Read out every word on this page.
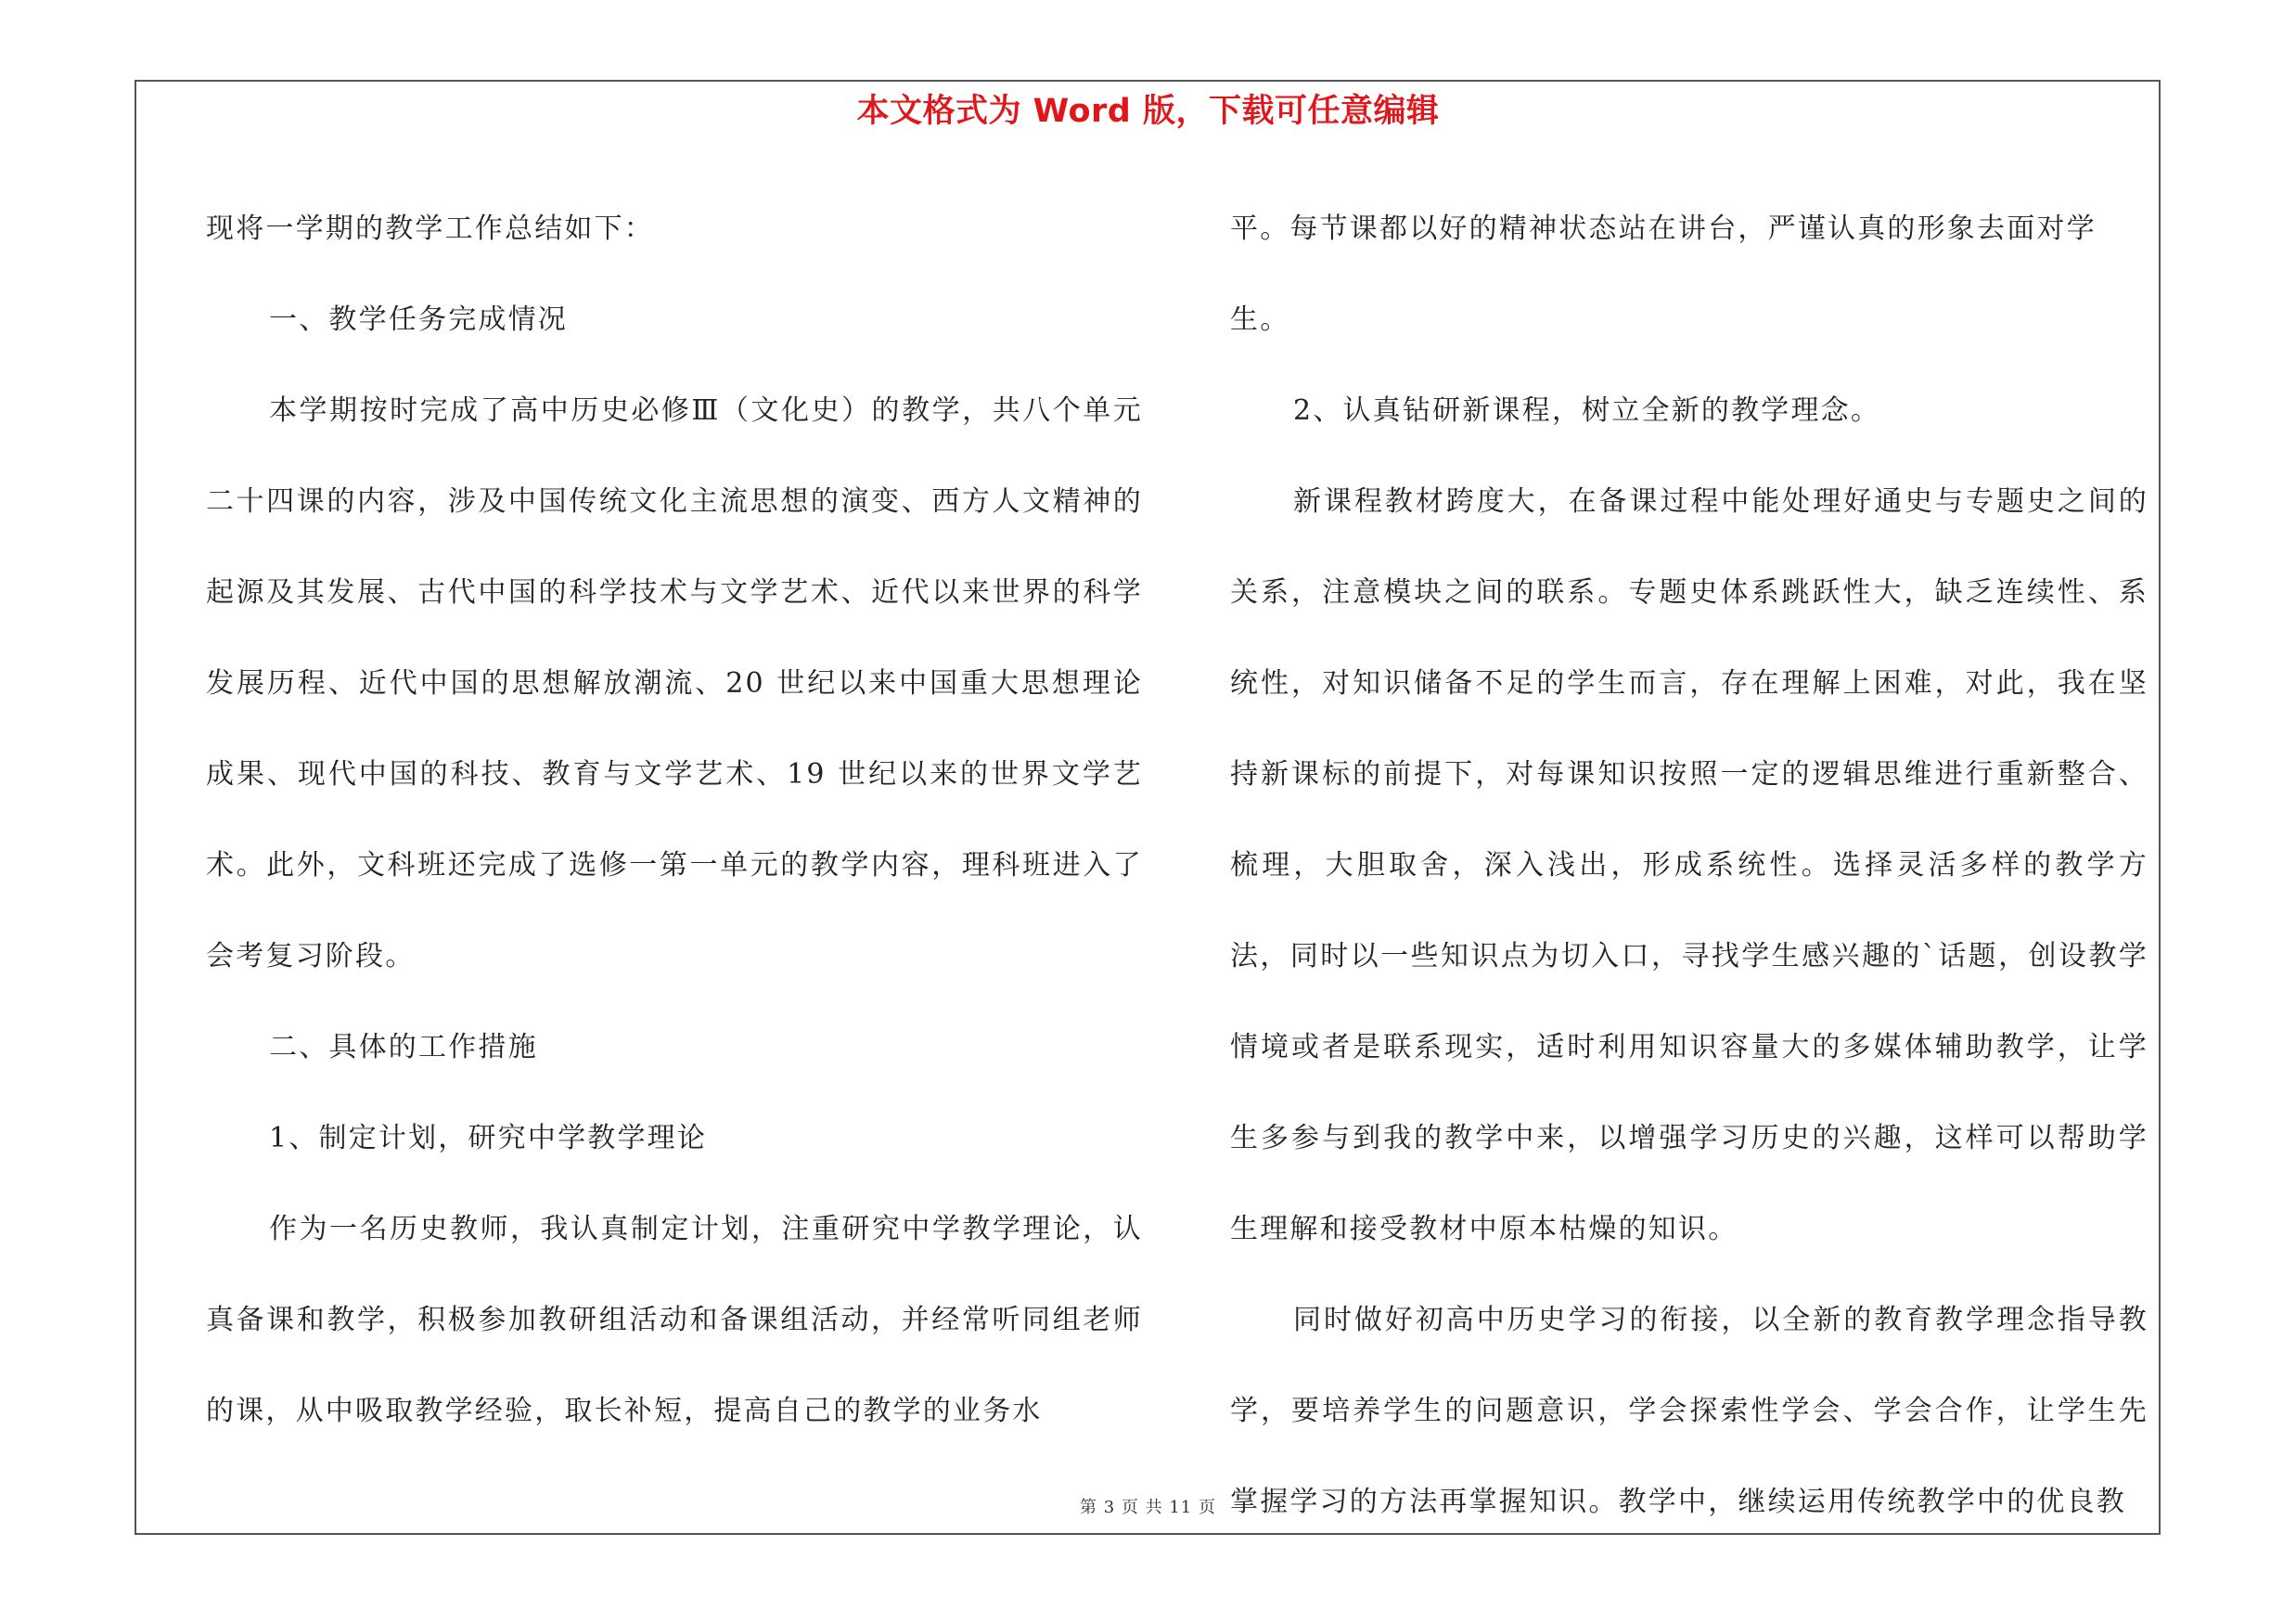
本文格式为 Word 版，下载可任意编辑

现将一学期的教学工作总结如下：

一、教学任务完成情况

本学期按时完成了高中历史必修Ⅲ（文化史）的教学，共八个单元二十四课的内容，涉及中国传统文化主流思想的演变、西方人文精神的起源及其发展、古代中国的科学技术与文学艺术、近代以来世界的科学发展历程、近代中国的思想解放潮流、20 世纪以来中国重大思想理论成果、现代中国的科技、教育与文学艺术、19 世纪以来的世界文学艺术。此外，文科班还完成了选修一第一单元的教学内容，理科班进入了会考复习阶段。

二、具体的工作措施

1、制定计划，研究中学教学理论

作为一名历史教师，我认真制定计划，注重研究中学教学理论，认真备课和教学，积极参加教研组活动和备课组活动，并经常听同组老师的课，从中吸取教学经验，取长补短，提高自己的教学的业务水

平。每节课都以好的精神状态站在讲台，严谨认真的形象去面对学生。

2、认真钻研新课程，树立全新的教学理念。

新课程教材跨度大，在备课过程中能处理好通史与专题史之间的关系，注意模块之间的联系。专题史体系跳跃性大，缺乏连续性、系统性，对知识储备不足的学生而言，存在理解上困难，对此，我在坚持新课标的前提下，对每课知识按照一定的逻辑思维进行重新整合、梳理，大胆取舍，深入浅出，形成系统性。选择灵活多样的教学方法，同时以一些知识点为切入口，寻找学生感兴趣的`话题，创设教学情境或者是联系现实，适时利用知识容量大的多媒体辅助教学，让学生多参与到我的教学中来，以增强学习历史的兴趣，这样可以帮助学生理解和接受教材中原本枯燥的知识。

同时做好初高中历史学习的衔接，以全新的教育教学理念指导教学，要培养学生的问题意识，学会探索性学会、学会合作，让学生先掌握学习的方法再掌握知识。教学中，继续运用传统教学中的优良教

第 3 页 共 11 页
